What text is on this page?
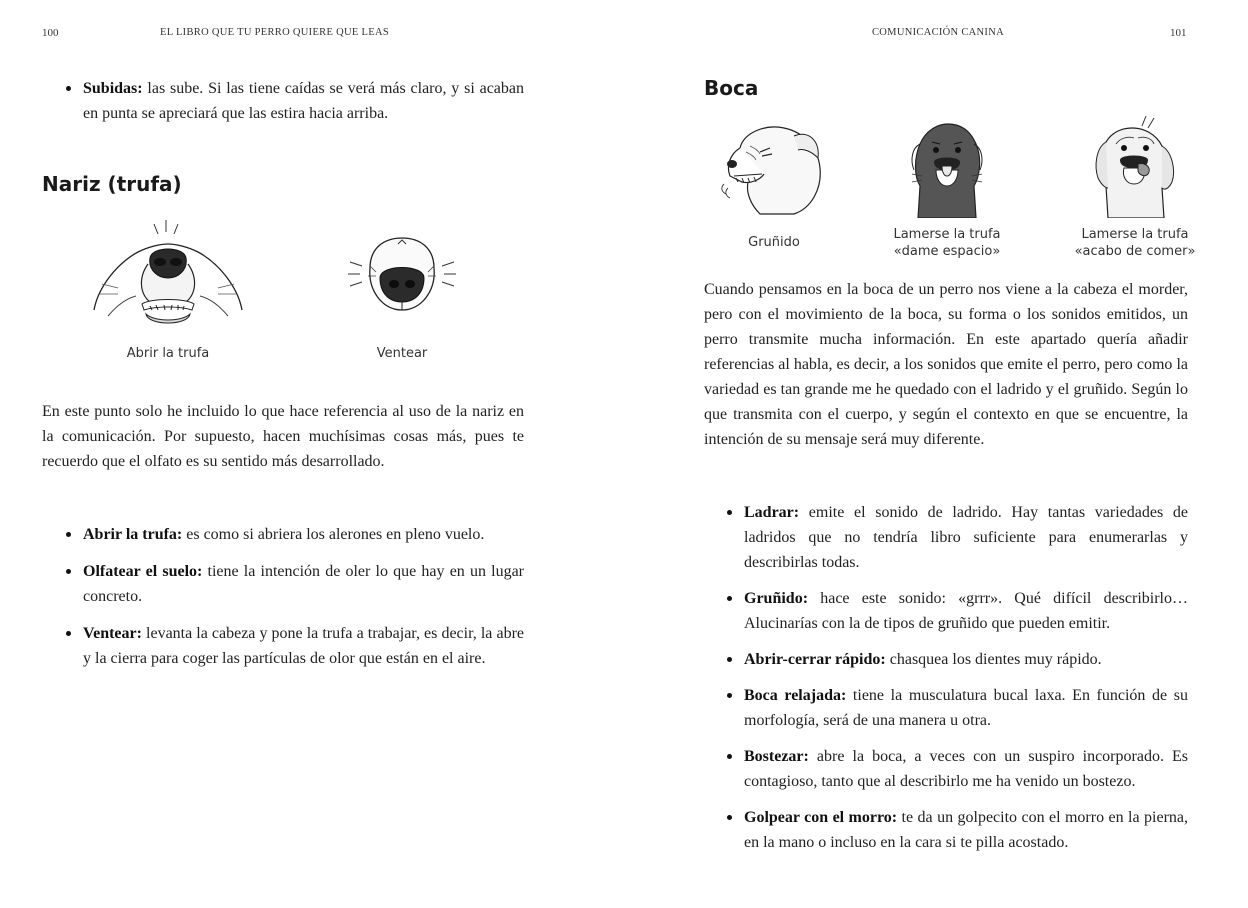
100	EL LIBRO QUE TU PERRO QUIERE QUE LEAS
Subidas: las sube. Si las tiene caídas se verá más claro, y si acaban en punta se apreciará que las estira hacia arriba.
Nariz (trufa)
Abrir la trufa	Ventear

En este punto solo he incluido lo que hace referencia al uso de la nariz en la comunicación. Por supuesto, hacen muchísimas cosas más, pues te recuerdo que el olfato es su sentido más desarrollado.

Abrir la trufa: es como si abriera los alerones en pleno vuelo.
Olfatear el suelo: tiene la intención de oler lo que hay en un lugar concreto.
Ventear: levanta la cabeza y pone la trufa a trabajar, es decir, la abre y la cierra para coger las partículas de olor que están en el aire.
COMUNICACIÓN CANINA	101
Boca
Gruñido
Lamerse la trufa
«dame espacio»
Lamerse la trufa
«acabo de comer»

Cuando pensamos en la boca de un perro nos viene a la cabeza el morder, pero con el movimiento de la boca, su forma o los sonidos emitidos, un perro transmite mucha información. En este apartado quería añadir referencias al habla, es decir, a los sonidos que emite el perro, pero como la variedad es tan grande me he quedado con el ladrido y el gruñido. Según lo que transmita con el cuerpo, y según el contexto en que se encuentre, la intención de su mensaje será muy diferente.

Ladrar: emite el sonido de ladrido. Hay tantas variedades de ladridos que no tendría libro suficiente para enumerarlas y describirlas todas.
Gruñido: hace este sonido: «grrr». Qué difícil describirlo… Alucinarías con la de tipos de gruñido que pueden emitir.
Abrir-cerrar rápido: chasquea los dientes muy rápido.
Boca relajada: tiene la musculatura bucal laxa. En función de su morfología, será de una manera u otra.
Bostezar: abre la boca, a veces con un suspiro incorporado. Es contagioso, tanto que al describirlo me ha venido un bostezo.
Golpear con el morro: te da un golpecito con el morro en la pierna, en la mano o incluso en la cara si te pilla acostado.
